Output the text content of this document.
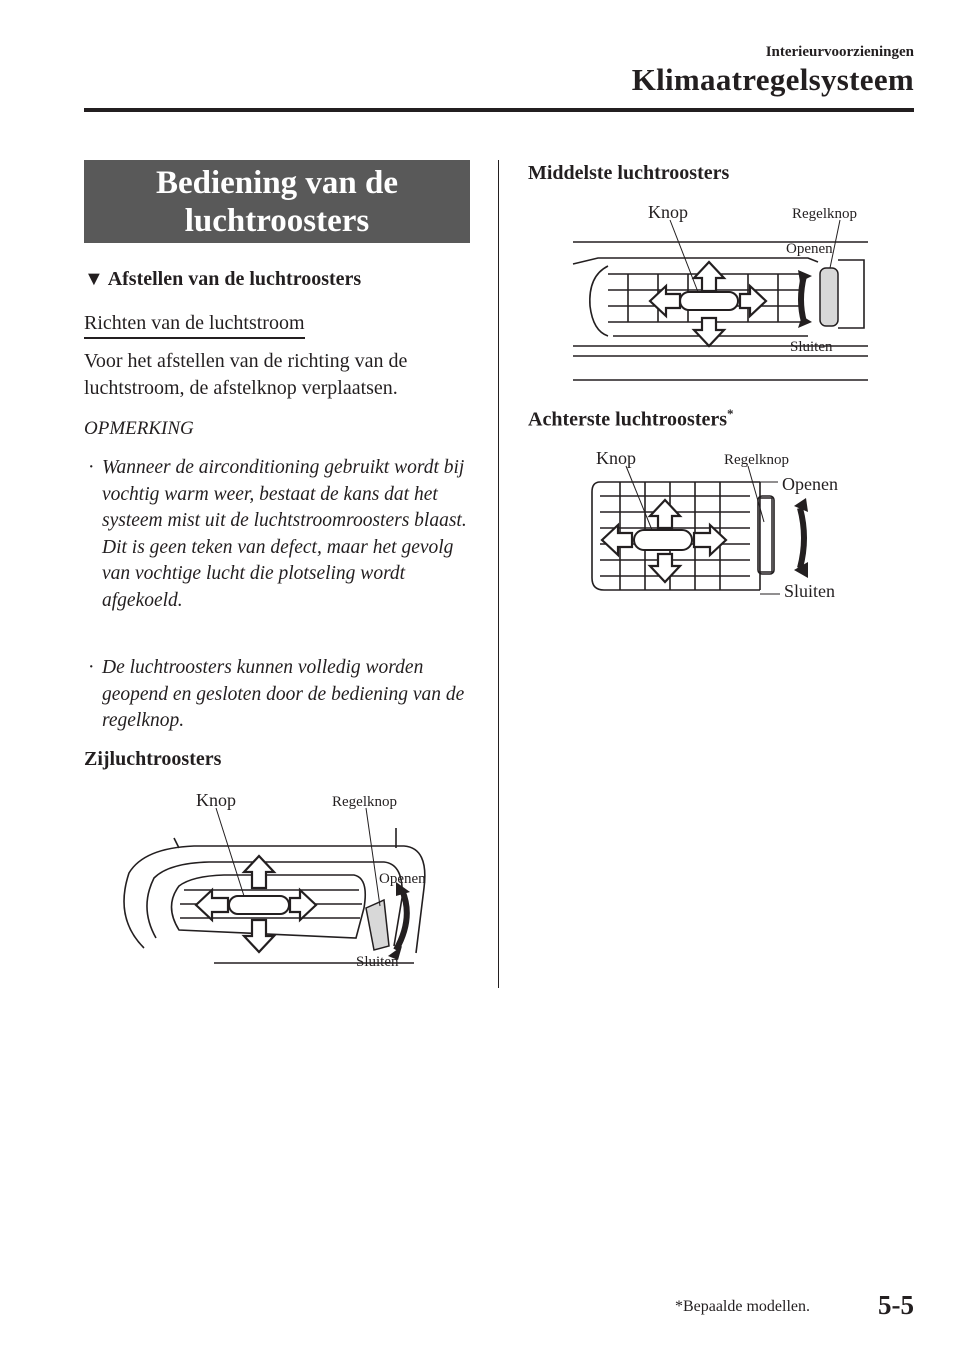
Interieurvoorzieningen
Klimaatregelsysteem
Bediening van de
luchtroosters
▼ Afstellen van de luchtroosters
Richten van de luchtstroom
Voor het afstellen van de richting van de luchtstroom, de afstelknop verplaatsen.
OPMERKING
· Wanneer de airconditioning gebruikt wordt bij vochtig warm weer, bestaat de kans dat het systeem mist uit de luchtstroomroosters blaast. Dit is geen teken van defect, maar het gevolg van vochtige lucht die plotseling wordt afgekoeld.
· De luchtroosters kunnen volledig worden geopend en gesloten door de bediening van de regelknop.
Zijluchtroosters
Knop	Regelknop
Openen
Sluiten
Middelste luchtroosters
Knop	Regelknop
Openen
Sluiten
Achterste luchtroosters*
Knop	Regelknop
Openen
Sluiten
*Bepaalde modellen.	5-5
